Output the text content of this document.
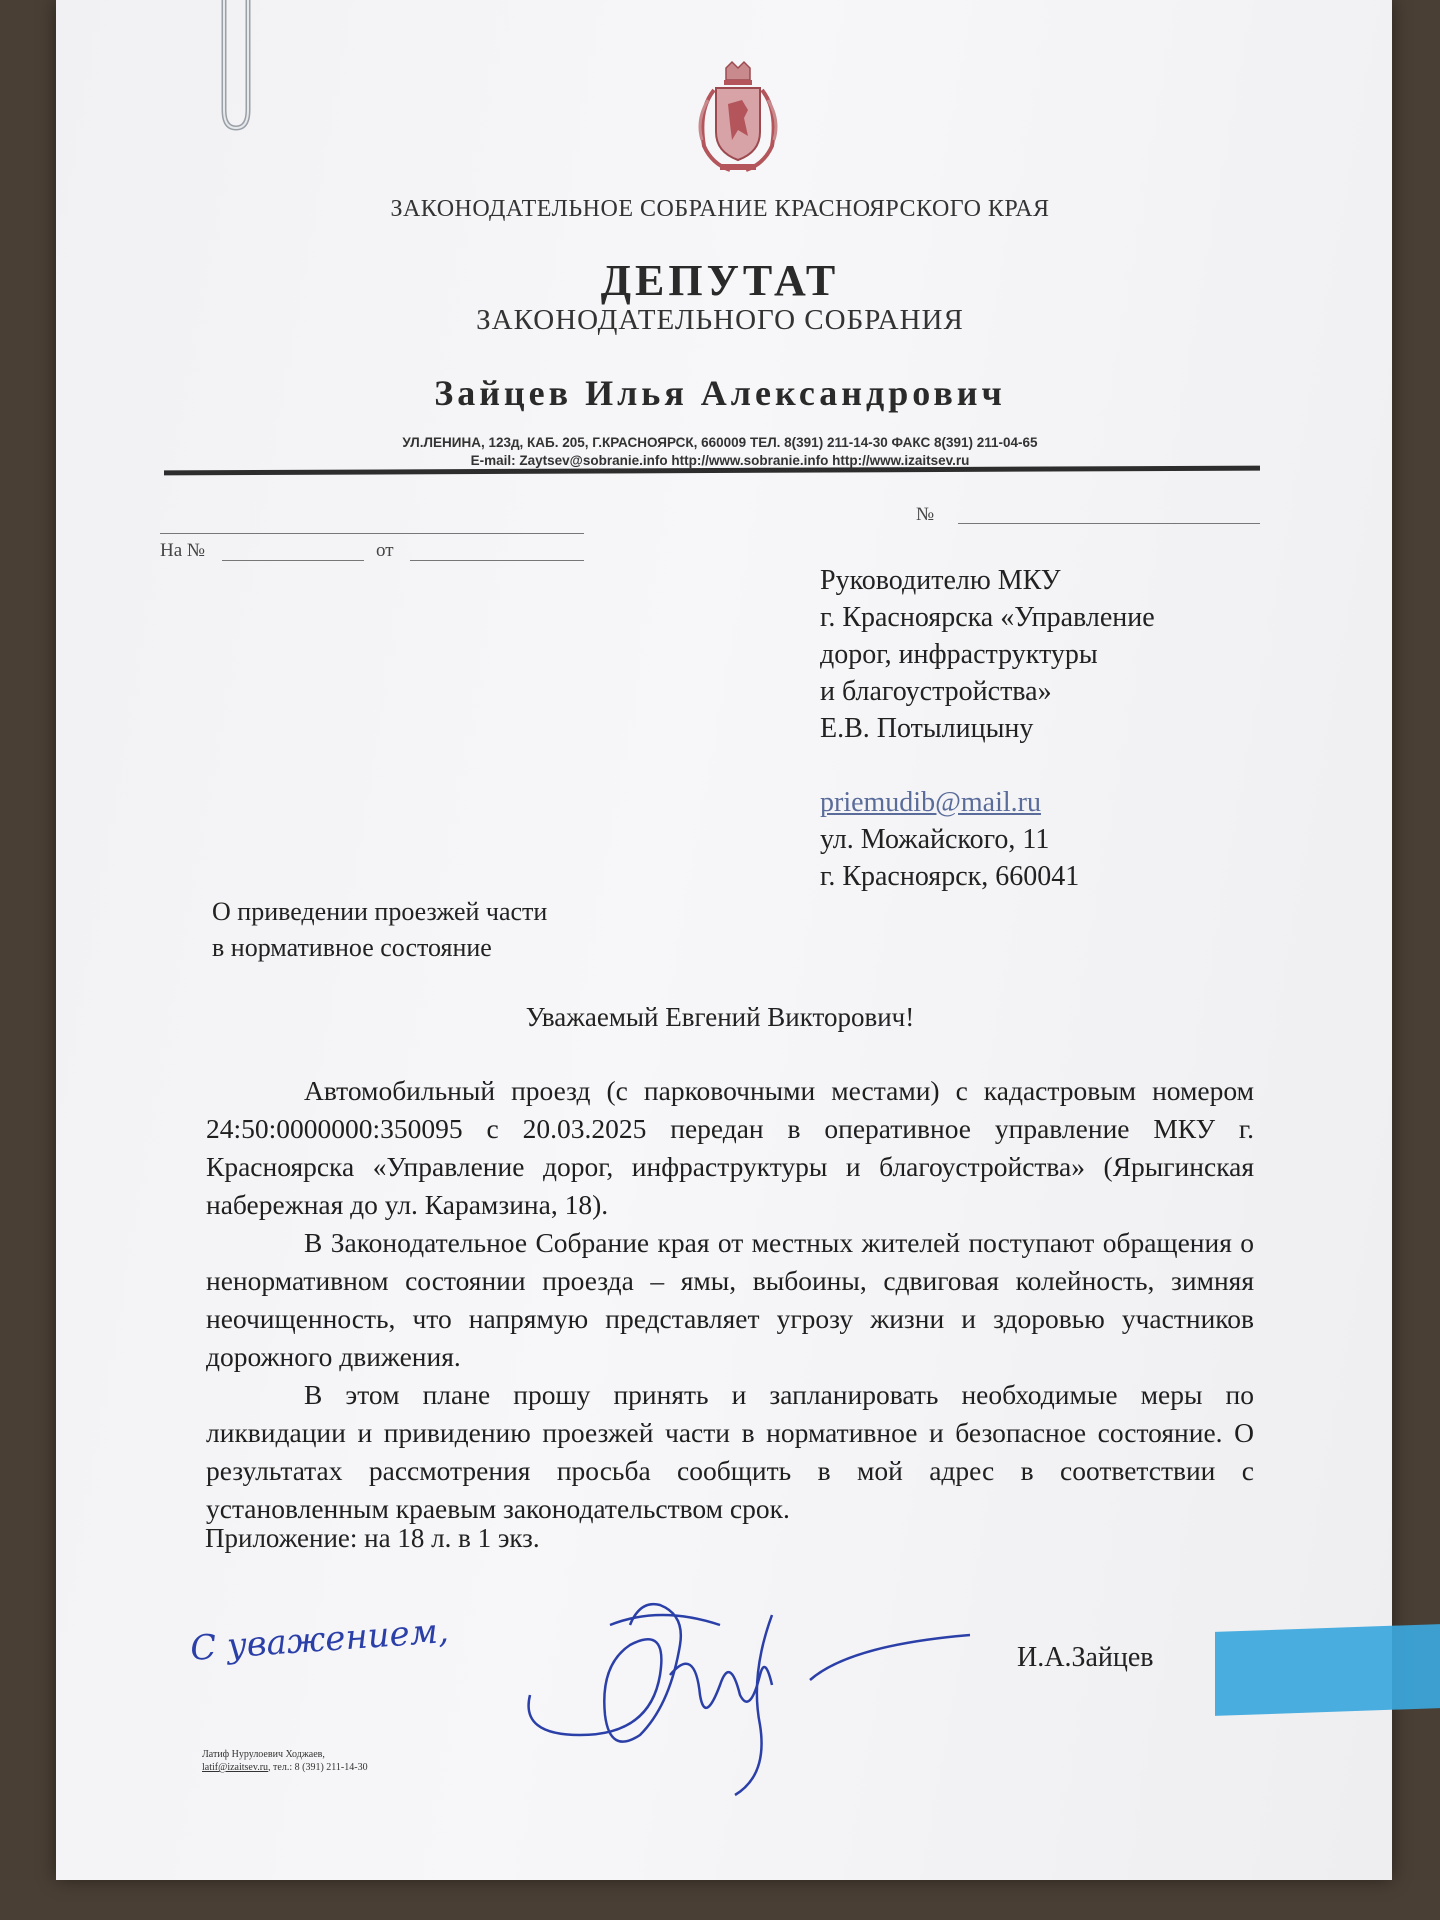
ЗАКОНОДАТЕЛЬНОЕ СОБРАНИЕ КРАСНОЯРСКОГО КРАЯ
ДЕПУТАТ
ЗАКОНОДАТЕЛЬНОГО СОБРАНИЯ
Зайцев Илья Александрович
УЛ.ЛЕНИНА, 123д, КАБ. 205, Г.КРАСНОЯРСК, 660009 ТЕЛ. 8(391) 211-14-30 ФАКС 8(391) 211-04-65
E-mail: Zaytsev@sobranie.info http://www.sobranie.info http://www.izaitsev.ru
№
На №	от
Руководителю МКУ
г. Красноярска «Управление
дорог, инфраструктуры
и благоустройства»
Е.В. Потылицыну
priemudib@mail.ru
ул. Можайского, 11
г. Красноярск, 660041
О приведении проезжей части
в нормативное состояние
Уважаемый Евгений Викторович!

Автомобильный проезд (с парковочными местами) с кадастровым номером 24:50:0000000:350095 с 20.03.2025 передан в оперативное управление МКУ г. Красноярска «Управление дорог, инфраструктуры и благоустройства» (Ярыгинская набережная до ул. Карамзина, 18).

В Законодательное Собрание края от местных жителей поступают обращения о ненормативном состоянии проезда – ямы, выбоины, сдвиговая колейность, зимняя неочищенность, что напрямую представляет угрозу жизни и здоровью участников дорожного движения.

В этом плане прошу принять и запланировать необходимые меры по ликвидации и привидению проезжей части в нормативное и безопасное состояние. О результатах рассмотрения просьба сообщить в мой адрес в соответствии с установленным краевым законодательством срок.

Приложение: на 18 л. в 1 экз.
С уважением,	И.А.Зайцев
Латиф Нурулоевич Ходжаев,
latif@izaitsev.ru, тел.: 8 (391) 211-14-30
